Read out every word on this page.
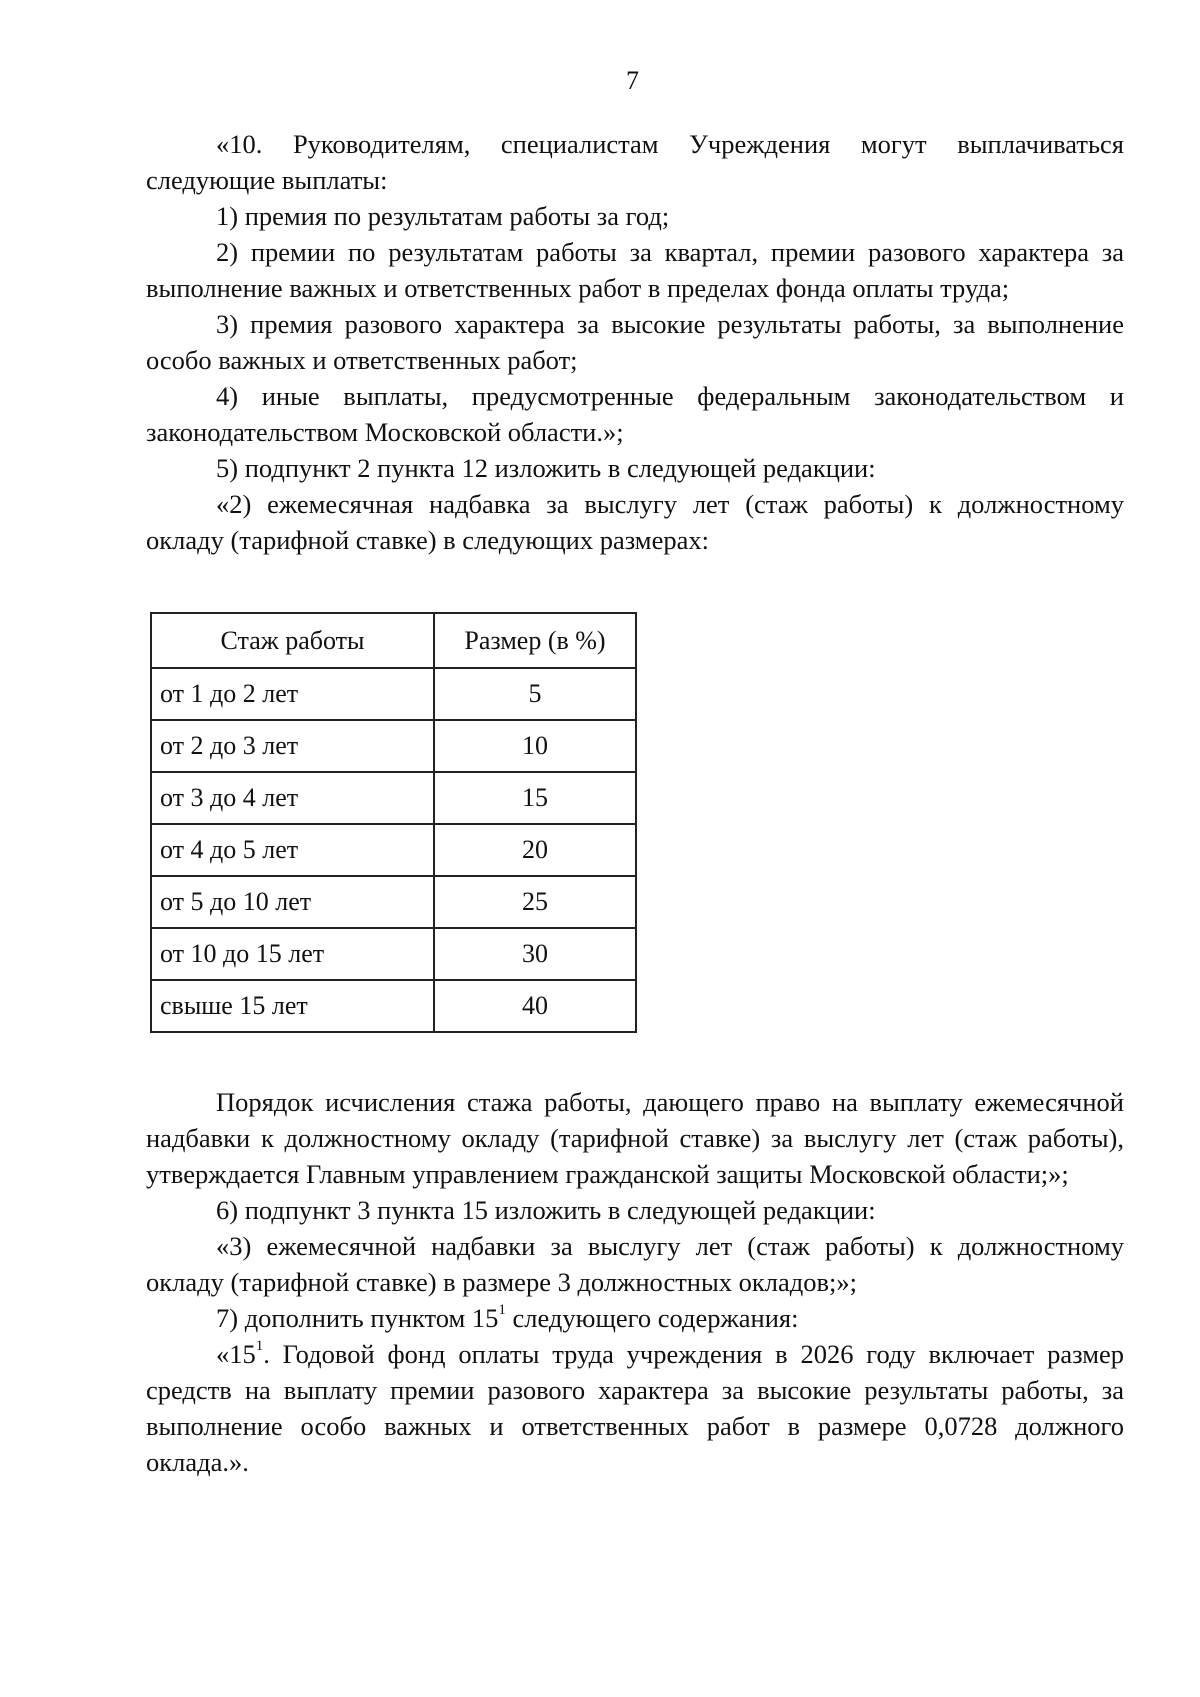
7

«10. Руководителям, специалистам Учреждения могут выплачиваться следующие выплаты:

1) премия по результатам работы за год;

2) премии по результатам работы за квартал, премии разового характера за выполнение важных и ответственных работ в пределах фонда оплаты труда;

3) премия разового характера за высокие результаты работы, за выполнение особо важных и ответственных работ;

4) иные выплаты, предусмотренные федеральным законодательством и законодательством Московской области.»;

5) подпункт 2 пункта 12 изложить в следующей редакции:

«2) ежемесячная надбавка за выслугу лет (стаж работы) к должностному окладу (тарифной ставке) в следующих размерах:

Стаж работы	Размер (в %)
от 1 до 2 лет	5
от 2 до 3 лет	10
от 3 до 4 лет	15
от 4 до 5 лет	20
от 5 до 10 лет	25
от 10 до 15 лет	30
свыше 15 лет	40

Порядок исчисления стажа работы, дающего право на выплату ежемесячной надбавки к должностному окладу (тарифной ставке) за выслугу лет (стаж работы), утверждается Главным управлением гражданской защиты Московской области;»;

6) подпункт 3 пункта 15 изложить в следующей редакции:

«3) ежемесячной надбавки за выслугу лет (стаж работы) к должностному окладу (тарифной ставке) в размере 3 должностных окладов;»;

7) дополнить пунктом $15^1$ следующего содержания:

«$15^1$. Годовой фонд оплаты труда учреждения в 2026 году включает размер средств на выплату премии разового характера за высокие результаты работы, за выполнение особо важных и ответственных работ в размере 0,0728 должного оклада.».
